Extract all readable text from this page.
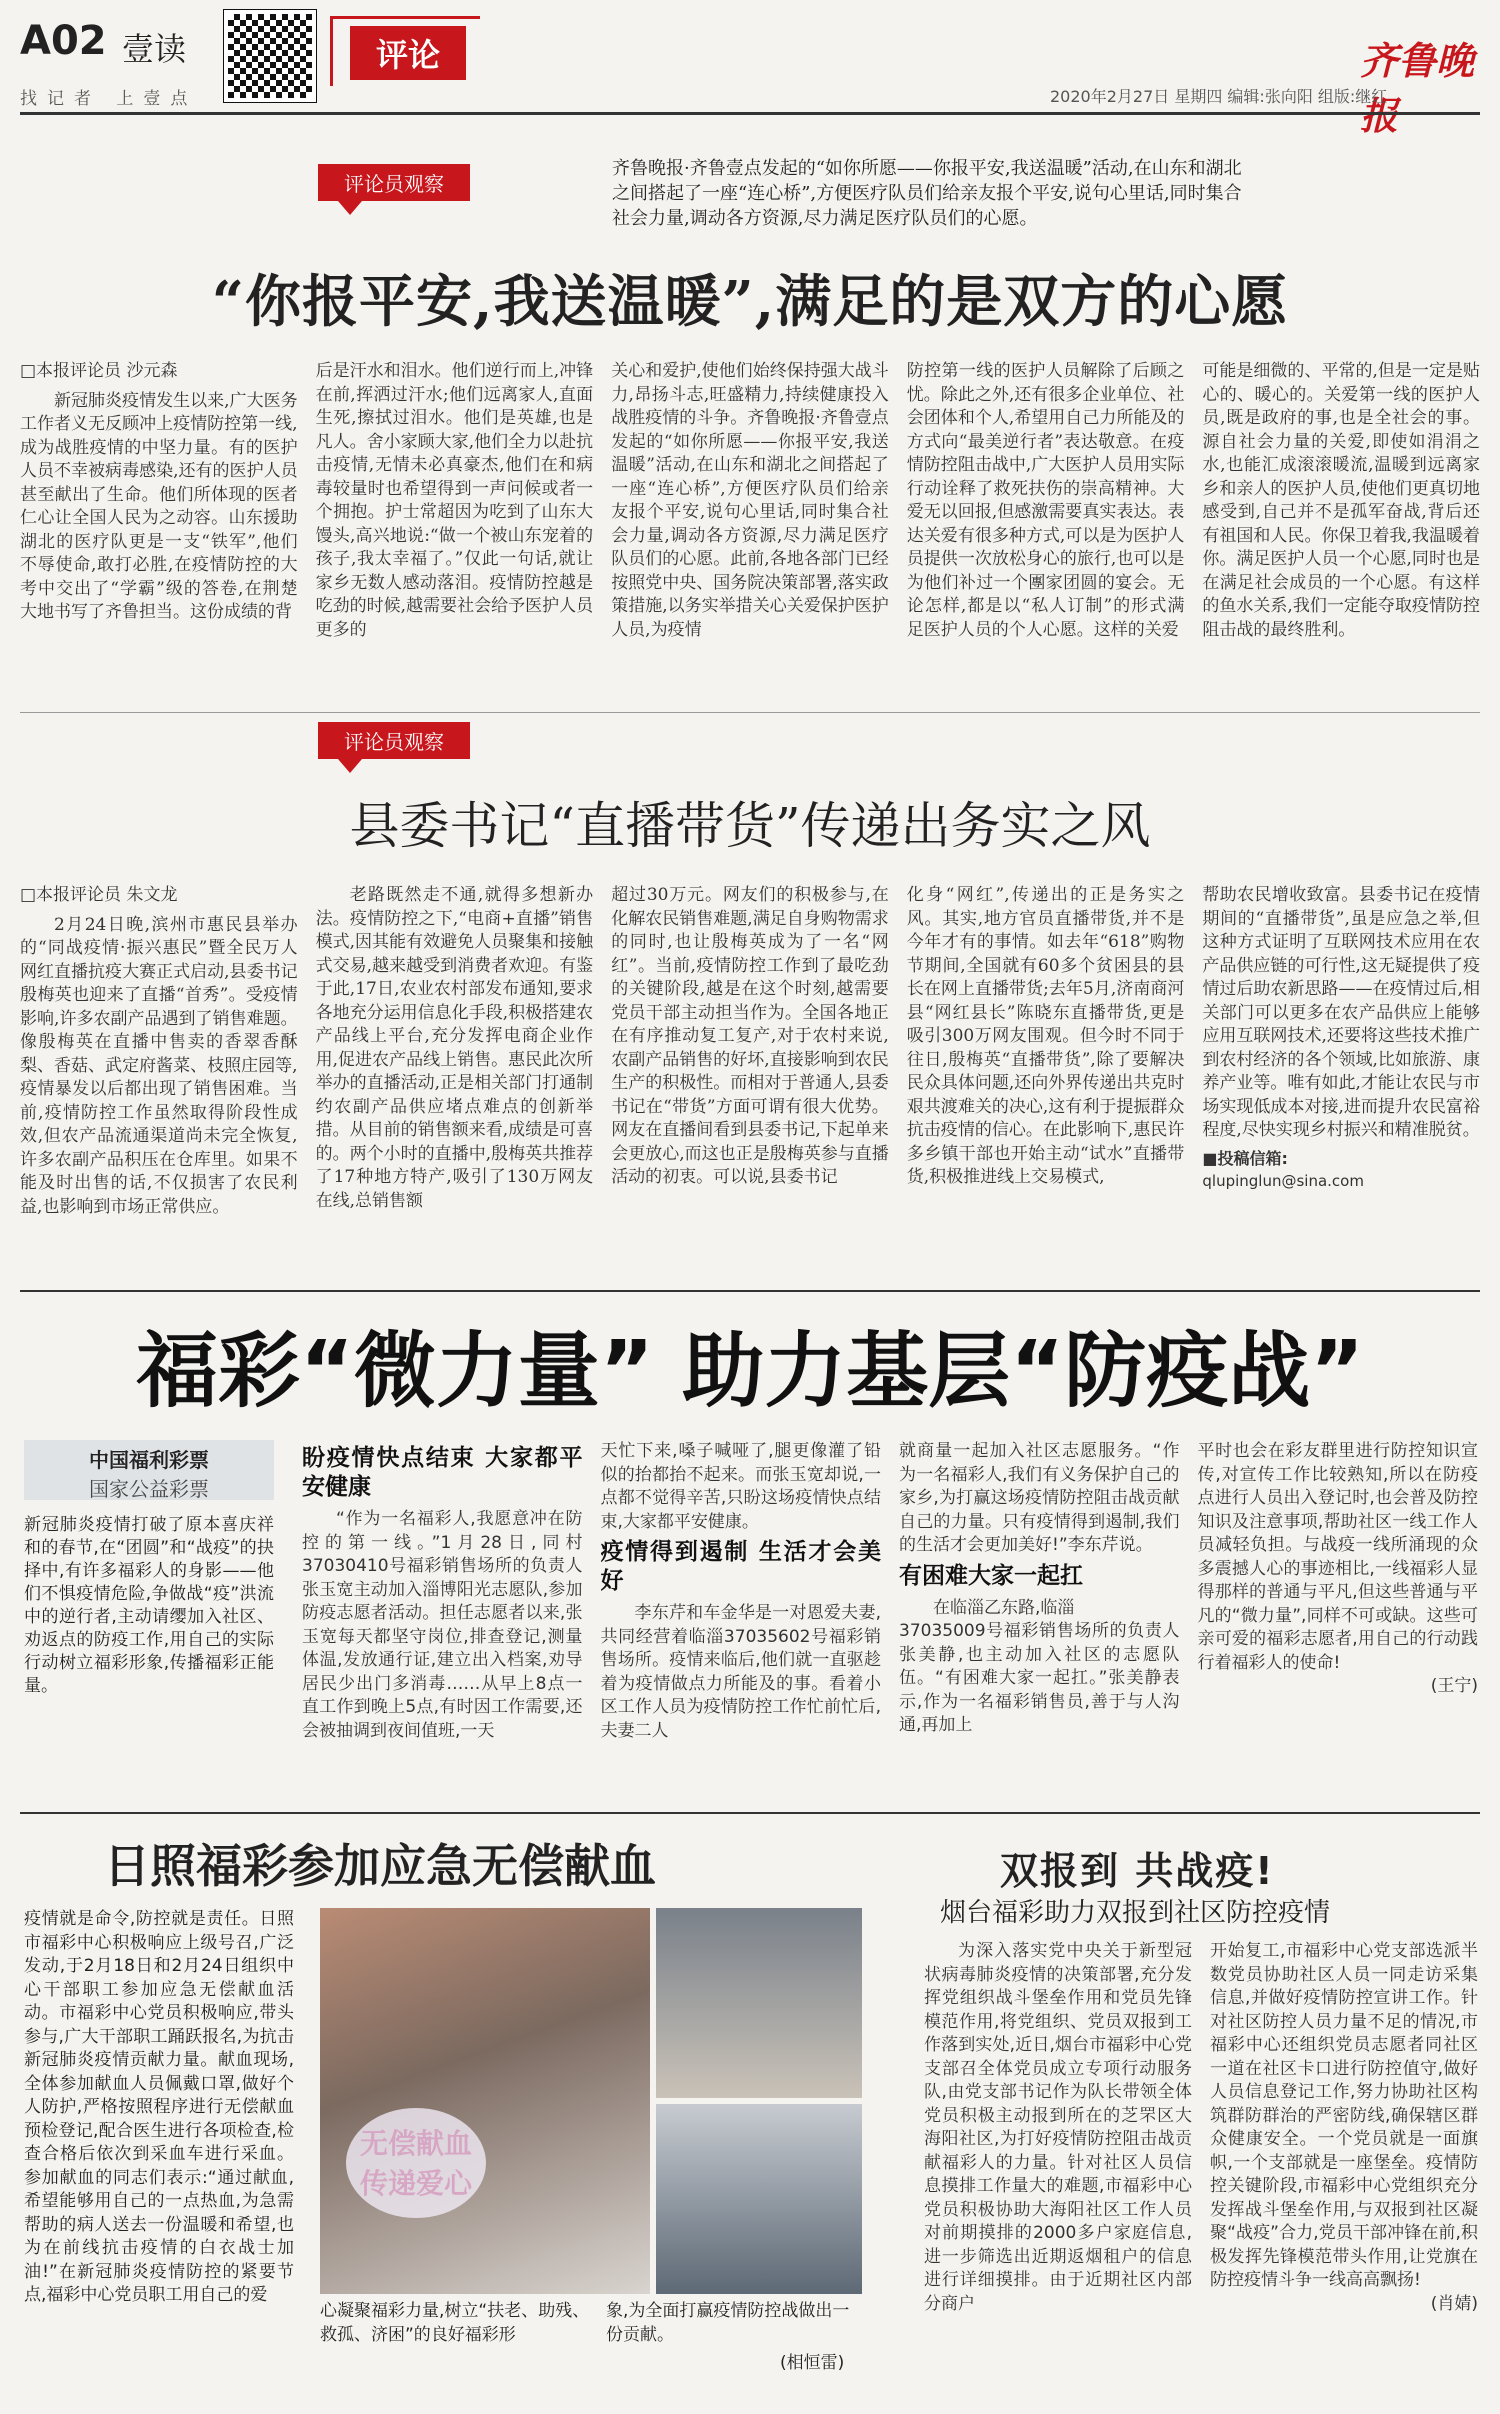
A02 壹读
找记者 上壹点
评论	齐鲁晚报
2020年2月27日 星期四 编辑:张向阳 组版:继红
评论员观察
齐鲁晚报·齐鲁壹点发起的“如你所愿——你报平安,我送温暖”活动,在山东和湖北之间搭起了一座“连心桥”,方便医疗队员们给亲友报个平安,说句心里话,同时集合社会力量,调动各方资源,尽力满足医疗队员们的心愿。
“你报平安,我送温暖”,满足的是双方的心愿
□本报评论员 沙元森

新冠肺炎疫情发生以来,广大医务工作者义无反顾冲上疫情防控第一线,成为战胜疫情的中坚力量。有的医护人员不幸被病毒感染,还有的医护人员甚至献出了生命。他们所体现的医者仁心让全国人民为之动容。山东援助湖北的医疗队更是一支“铁军”,他们不辱使命,敢打必胜,在疫情防控的大考中交出了“学霸”级的答卷,在荆楚大地书写了齐鲁担当。这份成绩的背

后是汗水和泪水。他们逆行而上,冲锋在前,挥洒过汗水;他们远离家人,直面生死,擦拭过泪水。他们是英雄,也是凡人。舍小家顾大家,他们全力以赴抗击疫情,无情未必真豪杰,他们在和病毒较量时也希望得到一声问候或者一个拥抱。护士常超因为吃到了山东大馒头,高兴地说:“做一个被山东宠着的孩子,我太幸福了。”仅此一句话,就让家乡无数人感动落泪。疫情防控越是吃劲的时候,越需要社会给予医护人员更多的

关心和爱护,使他们始终保持强大战斗力,昂扬斗志,旺盛精力,持续健康投入战胜疫情的斗争。齐鲁晚报·齐鲁壹点发起的“如你所愿——你报平安,我送温暖”活动,在山东和湖北之间搭起了一座“连心桥”,方便医疗队员们给亲友报个平安,说句心里话,同时集合社会力量,调动各方资源,尽力满足医疗队员们的心愿。此前,各地各部门已经按照党中央、国务院决策部署,落实政策措施,以务实举措关心关爱保护医护人员,为疫情

防控第一线的医护人员解除了后顾之忧。除此之外,还有很多企业单位、社会团体和个人,希望用自己力所能及的方式向“最美逆行者”表达敬意。在疫情防控阻击战中,广大医护人员用实际行动诠释了救死扶伤的崇高精神。大爱无以回报,但感激需要真实表达。表达关爱有很多种方式,可以是为医护人员提供一次放松身心的旅行,也可以是为他们补过一个團家团圆的宴会。无论怎样,都是以“私人订制”的形式满足医护人员的个人心愿。这样的关爱

可能是细微的、平常的,但是一定是贴心的、暖心的。关爱第一线的医护人员,既是政府的事,也是全社会的事。源自社会力量的关爱,即使如涓涓之水,也能汇成滚滚暖流,温暖到远离家乡和亲人的医护人员,使他们更真切地感受到,自己并不是孤军奋战,背后还有祖国和人民。你保卫着我,我温暖着你。满足医护人员一个心愿,同时也是在满足社会成员的一个心愿。有这样的鱼水关系,我们一定能夺取疫情防控阻击战的最终胜利。

评论员观察
县委书记“直播带货”传递出务实之风
□本报评论员 朱文龙

2月24日晚,滨州市惠民县举办的“同战疫情·振兴惠民”暨全民万人网红直播抗疫大赛正式启动,县委书记殷梅英也迎来了直播“首秀”。受疫情影响,许多农副产品遇到了销售难题。像殷梅英在直播中售卖的香翠香酥梨、香菇、武定府酱菜、枝照庄园等,疫情暴发以后都出现了销售困难。当前,疫情防控工作虽然取得阶段性成效,但农产品流通渠道尚未完全恢复,许多农副产品积压在仓库里。如果不能及时出售的话,不仅损害了农民利益,也影响到市场正常供应。

老路既然走不通,就得多想新办法。疫情防控之下,“电商+直播”销售模式,因其能有效避免人员聚集和接触式交易,越来越受到消费者欢迎。有鉴于此,17日,农业农村部发布通知,要求各地充分运用信息化手段,积极搭建农产品线上平台,充分发挥电商企业作用,促进农产品线上销售。惠民此次所举办的直播活动,正是相关部门打通制约农副产品供应堵点难点的创新举措。从目前的销售额来看,成绩是可喜的。两个小时的直播中,殷梅英共推荐了17种地方特产,吸引了130万网友在线,总销售额

超过30万元。网友们的积极参与,在化解农民销售难题,满足自身购物需求的同时,也让殷梅英成为了一名“网红”。当前,疫情防控工作到了最吃劲的关键阶段,越是在这个时刻,越需要党员干部主动担当作为。全国各地正在有序推动复工复产,对于农村来说,农副产品销售的好坏,直接影响到农民生产的积极性。而相对于普通人,县委书记在“带货”方面可谓有很大优势。网友在直播间看到县委书记,下起单来会更放心,而这也正是殷梅英参与直播活动的初衷。可以说,县委书记

化身“网红”,传递出的正是务实之风。其实,地方官员直播带货,并不是今年才有的事情。如去年“618”购物节期间,全国就有60多个贫困县的县长在网上直播带货;去年5月,济南商河县“网红县长”陈晓东直播带货,更是吸引300万网友围观。但今时不同于往日,殷梅英“直播带货”,除了要解决民众具体问题,还向外界传递出共克时艰共渡难关的决心,这有利于提振群众抗击疫情的信心。在此影响下,惠民许多乡镇干部也开始主动“试水”直播带货,积极推进线上交易模式,

帮助农民增收致富。县委书记在疫情期间的“直播带货”,虽是应急之举,但这种方式证明了互联网技术应用在农产品供应链的可行性,这无疑提供了疫情过后助农新思路——在疫情过后,相关部门可以更多在农产品供应上能够应用互联网技术,还要将这些技术推广到农村经济的各个领域,比如旅游、康养产业等。唯有如此,才能让农民与市场实现低成本对接,进而提升农民富裕程度,尽快实现乡村振兴和精准脱贫。

■投稿信箱:
qlupinglun@sina.com
福彩“微力量” 助力基层“防疫战”
中国福利彩票
国家公益彩票
新冠肺炎疫情打破了原本喜庆祥和的春节,在“团圆”和“战疫”的抉择中,有许多福彩人的身影——他们不惧疫情危险,争做战“疫”洪流中的逆行者,主动请缨加入社区、劝返点的防疫工作,用自己的实际行动树立福彩形象,传播福彩正能量。
盼疫情快点结束 大家都平安健康

“作为一名福彩人,我愿意冲在防控的第一线。”1月28日,同村37030410号福彩销售场所的负责人张玉宽主动加入淄博阳光志愿队,参加防疫志愿者活动。担任志愿者以来,张玉宽每天都坚守岗位,排查登记,测量体温,发放通行证,建立出入档案,劝导居民少出门多消毒……从早上8点一直工作到晚上5点,有时因工作需要,还会被抽调到夜间值班,一天

天忙下来,嗓子喊哑了,腿更像灌了铅似的抬都抬不起来。而张玉宽却说,一点都不觉得辛苦,只盼这场疫情快点结束,大家都平安健康。

疫情得到遏制 生活才会美好

李东芹和车金华是一对恩爱夫妻,共同经营着临淄37035602号福彩销售场所。疫情来临后,他们就一直驱趁着为疫情做点力所能及的事。看着小区工作人员为疫情防控工作忙前忙后,夫妻二人

就商量一起加入社区志愿服务。“作为一名福彩人,我们有义务保护自己的家乡,为打赢这场疫情防控阻击战贡献自己的力量。只有疫情得到遏制,我们的生活才会更加美好!”李东芹说。

有困难大家一起扛

在临淄乙东路,临淄

37035009号福彩销售场所的负责人张美静,也主动加入社区的志愿队伍。“有困难大家一起扛。”张美静表示,作为一名福彩销售员,善于与人沟通,再加上

平时也会在彩友群里进行防控知识宣传,对宣传工作比较熟知,所以在防疫点进行人员出入登记时,也会普及防控知识及注意事项,帮助社区一线工作人员减轻负担。与战疫一线所涌现的众多震撼人心的事迹相比,一线福彩人显得那样的普通与平凡,但这些普通与平凡的“微力量”,同样不可或缺。这些可亲可爱的福彩志愿者,用自己的行动践行着福彩人的使命!

(王宁)
日照福彩参加应急无偿献血
疫情就是命令,防控就是责任。日照市福彩中心积极响应上级号召,广泛发动,于2月18日和2月24日组织中心干部职工参加应急无偿献血活动。市福彩中心党员积极响应,带头参与,广大干部职工踊跃报名,为抗击新冠肺炎疫情贡献力量。献血现场,全体参加献血人员佩戴口罩,做好个人防护,严格按照程序进行无偿献血预检登记,配合医生进行各项检查,检查合格后依次到采血车进行采血。参加献血的同志们表示:“通过献血,希望能够用自己的一点热血,为急需帮助的病人送去一份温暖和希望,也为在前线抗击疫情的白衣战士加油!”在新冠肺炎疫情防控的紧要节点,福彩中心党员职工用自己的爱
无偿献血
传递爱心
心凝聚福彩力量,树立“扶老、助残、救孤、济困”的良好福彩形
象,为全面打赢疫情防控战做出一份贡献。
(相恒雷)
双报到 共战疫!
烟台福彩助力双报到社区防控疫情

为深入落实党中央关于新型冠状病毒肺炎疫情的决策部署,充分发挥党组织战斗堡垒作用和党员先锋模范作用,将党组织、党员双报到工作落到实处,近日,烟台市福彩中心党支部召全体党员成立专项行动服务队,由党支部书记作为队长带领全体党员积极主动报到所在的芝罘区大海阳社区,为打好疫情防控阻击战贡献福彩人的力量。针对社区人员信息摸排工作量大的难题,市福彩中心党员积极协助大海阳社区工作人员对前期摸排的2000多户家庭信息,进一步筛选出近期返烟租户的信息进行详细摸排。由于近期社区内部分商户

开始复工,市福彩中心党支部选派半数党员协助社区人员一同走访采集信息,并做好疫情防控宣讲工作。针对社区防控人员力量不足的情况,市福彩中心还组织党员志愿者同社区一道在社区卡口进行防控值守,做好人员信息登记工作,努力协助社区构筑群防群治的严密防线,确保辖区群众健康安全。一个党员就是一面旗帜,一个支部就是一座堡垒。疫情防控关键阶段,市福彩中心党组织充分发挥战斗堡垒作用,与双报到社区凝聚“战疫”合力,党员干部冲锋在前,积极发挥先锋模范带头作用,让党旗在防控疫情斗争一线高高飘扬!

(肖婧)
